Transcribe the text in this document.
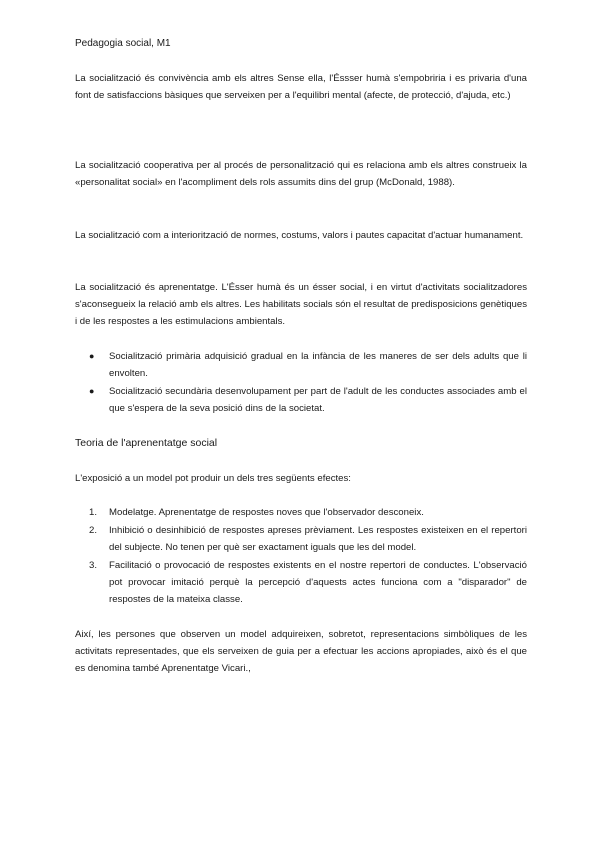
Pedagogia social, M1
La socialització és convivència amb els altres Sense ella, l'Éssser humà s'empobriria i es privaria d'una font de satisfaccions bàsiques que serveixen per a l'equilibri mental (afecte, de protecció, d'ajuda, etc.)
La socialització cooperativa per al procés de personalització qui es relaciona amb els altres construeix la «personalitat social» en l'acompliment dels rols assumits dins del grup (McDonald, 1988).
La socialització com a interiorització de normes, costums, valors i pautes capacitat d'actuar humanament.
La socialització és aprenentatge. L'Ésser humà és un ésser social, i en virtut d'activitats socialitzadores s'aconsegueix la relació amb els altres. Les habilitats socials són el resultat de predisposicions genètiques i de les respostes a les estimulacions ambientals.
● Socialització primària adquisició gradual en la infància de les maneres de ser dels adults que li envolten.
● Socialització secundària desenvolupament per part de l'adult de les conductes associades amb el que s'espera de la seva posició dins de la societat.
Teoria de l'aprenentatge social
L'exposició a un model pot produir un dels tres següents efectes:
1. Modelatge. Aprenentatge de respostes noves que l'observador desconeix.
2. Inhibició o desinhibició de respostes apreses prèviament. Les respostes existeixen en el repertori del subjecte. No tenen per què ser exactament iguals que les del model.
3. Facilitació o provocació de respostes existents en el nostre repertori de conductes. L'observació pot provocar imitació perquè la percepció d'aquests actes funciona com a "disparador" de respostes de la mateixa classe.
Així, les persones que observen un model adquireixen, sobretot, representacions simbòliques de les activitats representades, que els serveixen de guia per a efectuar les accions apropiades, això és el que es denomina també Aprenentatge Vicari.,
